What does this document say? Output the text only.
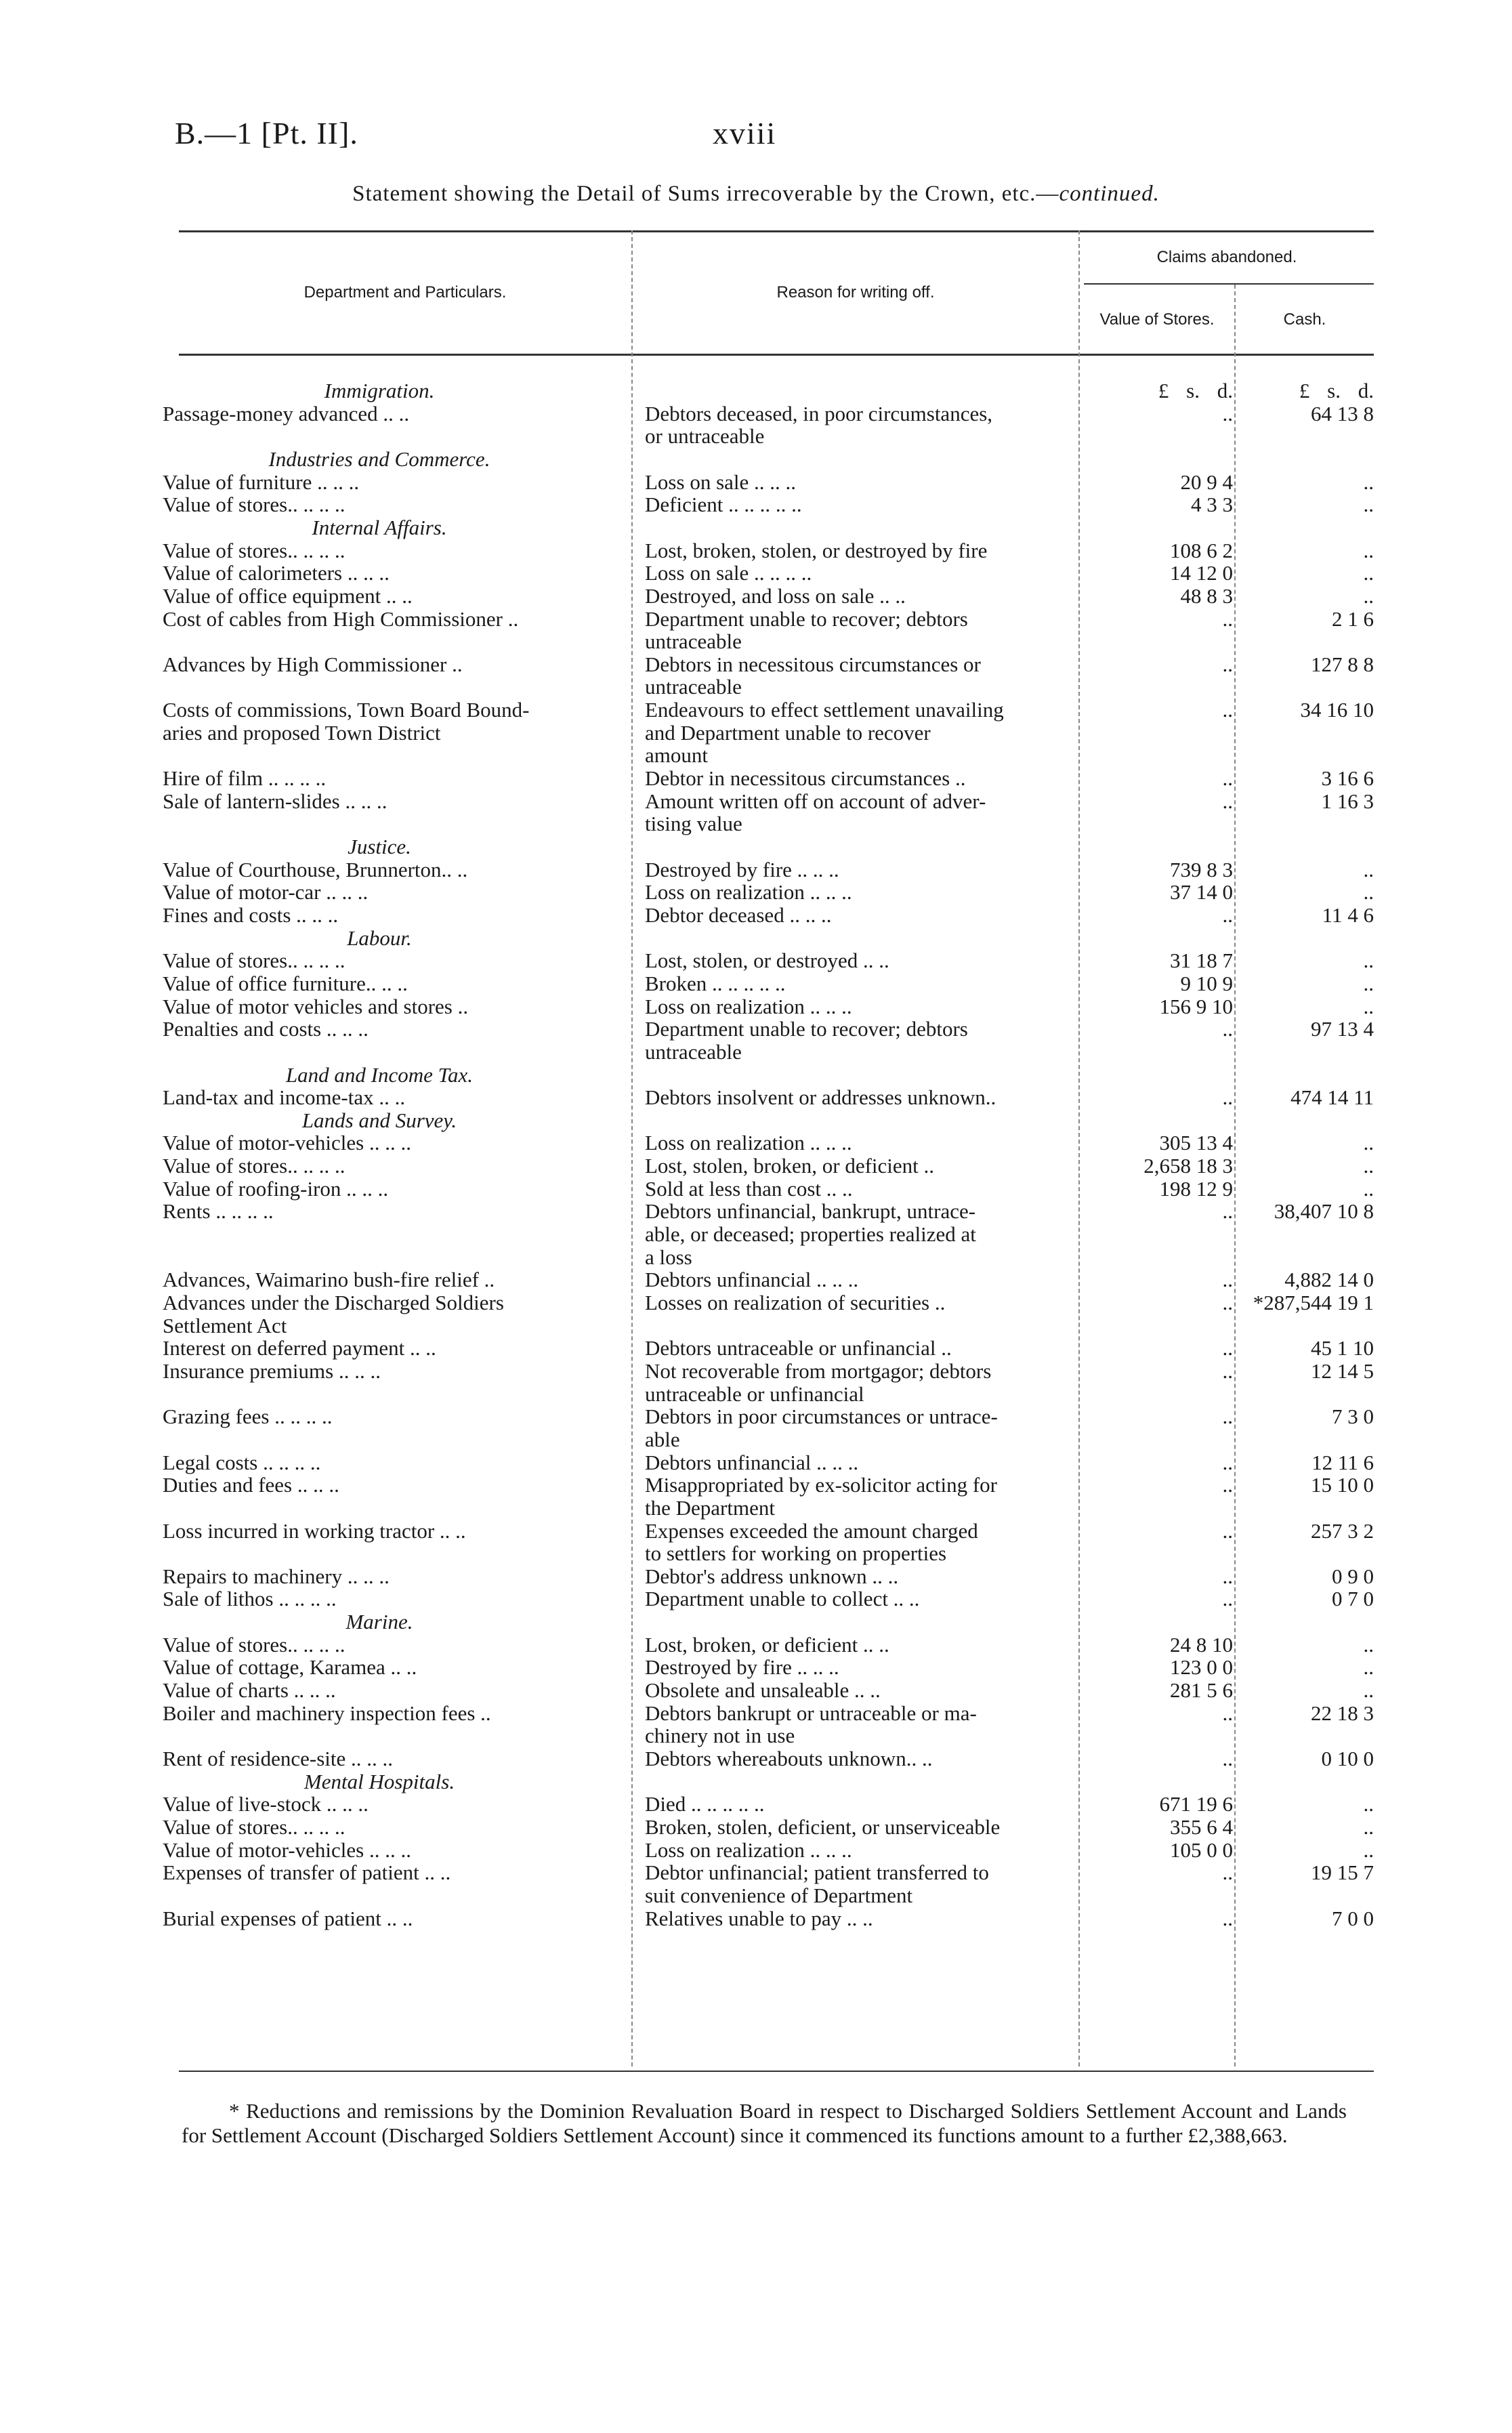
B.—1 [Pt. II].	xviii
Statement showing the Detail of Sums irrecoverable by the Crown, etc.—continued.
Department and Particulars.	Reason for writing off.
Claims abandoned.
Value of Stores.	Cash.
Immigration.	£ s. d.	£ s. d.
Passage-money advanced .. ..	Debtors deceased, in poor circumstances,	..	64 13 8
or untraceable
Industries and Commerce.
Value of furniture .. .. ..	Loss on sale .. .. ..	20 9 4	..
Value of stores.. .. .. ..	Deficient .. .. .. .. ..	4 3 3	..
Internal Affairs.
Value of stores.. .. .. ..	Lost, broken, stolen, or destroyed by fire	108 6 2	..
Value of calorimeters .. .. ..	Loss on sale .. .. .. ..	14 12 0	..
Value of office equipment .. ..	Destroyed, and loss on sale .. ..	48 8 3	..
Cost of cables from High Commissioner ..	Department unable to recover; debtors	..	2 1 6
untraceable
Advances by High Commissioner ..	Debtors in necessitous circumstances or	..	127 8 8
untraceable
Costs of commissions, Town Board Bound-	Endeavours to effect settlement unavailing	..	34 16 10
aries and proposed Town District	and Department unable to recover
amount
Hire of film .. .. .. ..	Debtor in necessitous circumstances ..	..	3 16 6
Sale of lantern-slides .. .. ..	Amount written off on account of adver-	..	1 16 3
tising value
Justice.
Value of Courthouse, Brunnerton.. ..	Destroyed by fire .. .. ..	739 8 3	..
Value of motor-car .. .. ..	Loss on realization .. .. ..	37 14 0	..
Fines and costs .. .. ..	Debtor deceased .. .. ..	..	11 4 6
Labour.
Value of stores.. .. .. ..	Lost, stolen, or destroyed .. ..	31 18 7	..
Value of office furniture.. .. ..	Broken .. .. .. .. ..	9 10 9	..
Value of motor vehicles and stores ..	Loss on realization .. .. ..	156 9 10	..
Penalties and costs .. .. ..	Department unable to recover; debtors	..	97 13 4
untraceable
Land and Income Tax.
Land-tax and income-tax .. ..	Debtors insolvent or addresses unknown..	..	474 14 11
Lands and Survey.
Value of motor-vehicles .. .. ..	Loss on realization .. .. ..	305 13 4	..
Value of stores.. .. .. ..	Lost, stolen, broken, or deficient ..	2,658 18 3	..
Value of roofing-iron .. .. ..	Sold at less than cost .. ..	198 12 9	..
Rents .. .. .. ..	Debtors unfinancial, bankrupt, untrace-	..	38,407 10 8
able, or deceased; properties realized at
a loss
Advances, Waimarino bush-fire relief ..	Debtors unfinancial .. .. ..	..	4,882 14 0
Advances under the Discharged Soldiers	Losses on realization of securities ..	.. *287,544 19 1
Settlement Act
Interest on deferred payment .. ..	Debtors untraceable or unfinancial ..	..	45 1 10
Insurance premiums .. .. ..	Not recoverable from mortgagor; debtors	..	12 14 5
untraceable or unfinancial
Grazing fees .. .. .. ..	Debtors in poor circumstances or untrace-	..	7 3 0
able
Legal costs .. .. .. ..	Debtors unfinancial .. .. ..	..	12 11 6
Duties and fees .. .. ..	Misappropriated by ex-solicitor acting for	..	15 10 0
the Department
Loss incurred in working tractor .. ..	Expenses exceeded the amount charged	..	257 3 2
to settlers for working on properties
Repairs to machinery .. .. ..	Debtor's address unknown .. ..	..	0 9 0
Sale of lithos .. .. .. ..	Department unable to collect .. ..	..	0 7 0
Marine.
Value of stores.. .. .. ..	Lost, broken, or deficient .. ..	24 8 10	..
Value of cottage, Karamea .. ..	Destroyed by fire .. .. ..	123 0 0	..
Value of charts .. .. ..	Obsolete and unsaleable .. ..	281 5 6	..
Boiler and machinery inspection fees ..	Debtors bankrupt or untraceable or ma-	..	22 18 3
chinery not in use
Rent of residence-site .. .. ..	Debtors whereabouts unknown.. ..	..	0 10 0
Mental Hospitals.
Value of live-stock .. .. ..	Died .. .. .. .. ..	671 19 6	..
Value of stores.. .. .. ..	Broken, stolen, deficient, or unserviceable	355 6 4	..
Value of motor-vehicles .. .. ..	Loss on realization .. .. ..	105 0 0	..
Expenses of transfer of patient .. ..	Debtor unfinancial; patient transferred to	..	19 15 7
suit convenience of Department
Burial expenses of patient .. ..	Relatives unable to pay .. ..	..	7 0 0
* Reductions and remissions by the Dominion Revaluation Board in respect to Discharged Soldiers Settlement Account and Lands for Settlement Account (Discharged Soldiers Settlement Account) since it commenced its functions amount to a further £2,388,663.
